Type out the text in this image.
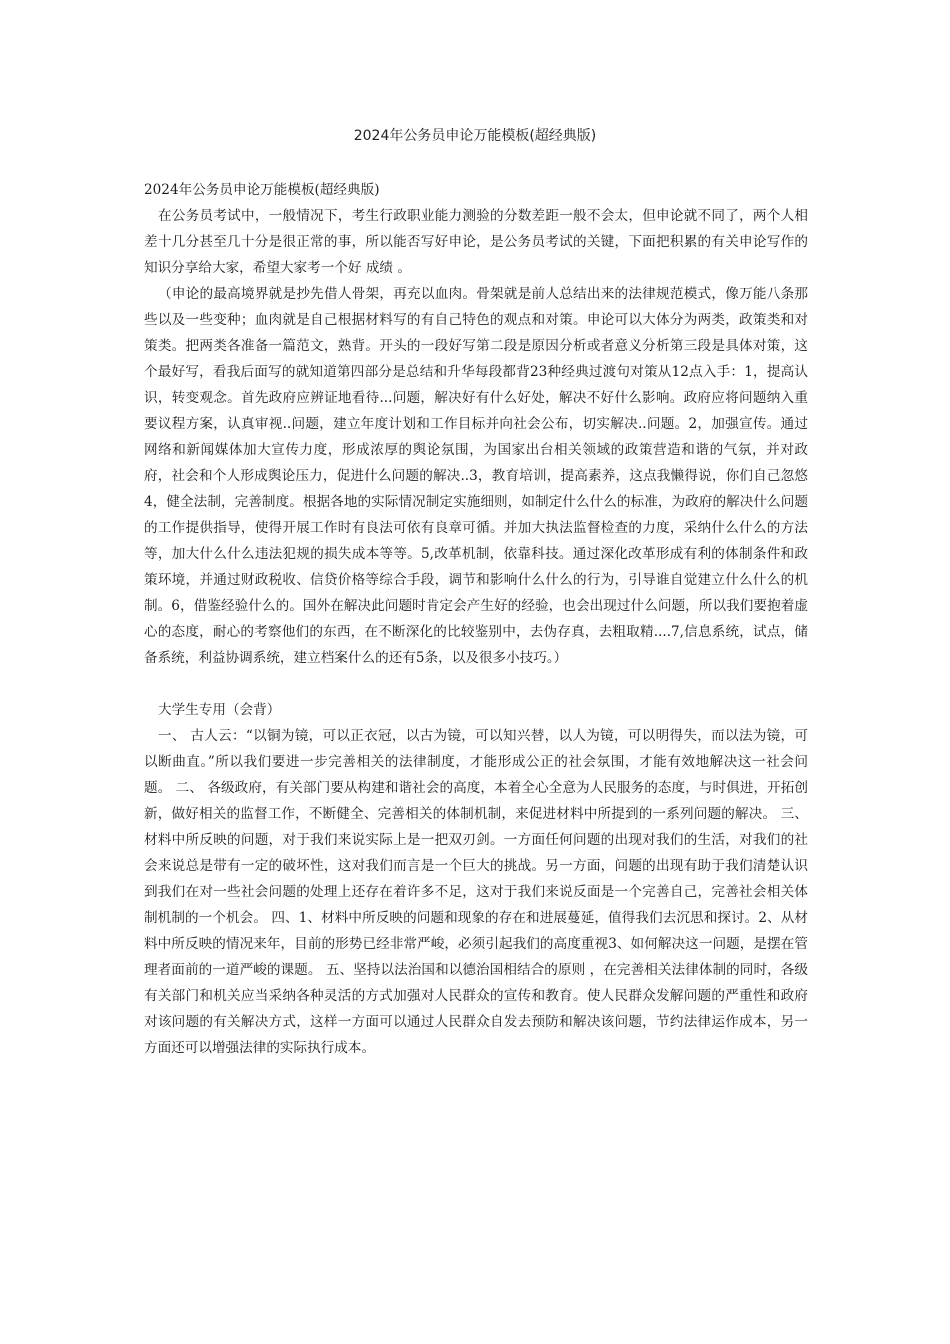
2024年公务员申论万能模板(超经典版)

2024年公务员申论万能模板(超经典版)

在公务员考试中，一般情况下，考生行政职业能力测验的分数差距一般不会太，但申论就不同了，两个人相差十几分甚至几十分是很正常的事，所以能否写好申论，是公务员考试的关键，下面把积累的有关申论写作的知识分享给大家，希望大家考一个好 成绩 。

（申论的最高境界就是抄先借人骨架，再充以血肉。骨架就是前人总结出来的法律规范模式，像万能八条那些以及一些变种；血肉就是自己根据材料写的有自己特色的观点和对策。申论可以大体分为两类，政策类和对策类。把两类各准备一篇范文，熟背。开头的一段好写第二段是原因分析或者意义分析第三段是具体对策，这个最好写，看我后面写的就知道第四部分是总结和升华每段都背23种经典过渡句对策从12点入手：1，提高认识，转变观念。首先政府应辨证地看待...问题，解决好有什么好处，解决不好什么影响。政府应将问题纳入重要议程方案，认真审视..问题，建立年度计划和工作目标并向社会公布，切实解决..问题。2，加强宣传。通过网络和新闻媒体加大宣传力度，形成浓厚的舆论氛围，为国家出台相关领域的政策营造和谐的气氛，并对政府，社会和个人形成舆论压力，促进什么问题的解决..3，教育培训，提高素养，这点我懒得说，你们自己忽悠4，健全法制，完善制度。根据各地的实际情况制定实施细则，如制定什么什么的标准，为政府的解决什么问题的工作提供指导，使得开展工作时有良法可依有良章可循。并加大执法监督检查的力度，采纳什么什么的方法等，加大什么什么违法犯规的损失成本等等。5,改革机制，依靠科技。通过深化改革形成有利的体制条件和政策环境，并通过财政税收、信贷价格等综合手段，调节和影响什么什么的行为，引导谁自觉建立什么什么的机制。6，借鉴经验什么的。国外在解决此问题时肯定会产生好的经验，也会出现过什么问题，所以我们要抱着虚心的态度，耐心的考察他们的东西，在不断深化的比较鉴别中，去伪存真，去粗取精....7,信息系统，试点，储备系统，利益协调系统，建立档案什么的还有5条，以及很多小技巧。）

大学生专用（会背）

一、 古人云：“以铜为镜，可以正衣冠，以古为镜，可以知兴替，以人为镜，可以明得失，而以法为镜，可以断曲直。”所以我们要进一步完善相关的法律制度，才能形成公正的社会氛围，才能有效地解决这一社会问题。 二、 各级政府，有关部门要从构建和谐社会的高度，本着全心全意为人民服务的态度，与时俱进，开拓创新，做好相关的监督工作，不断健全、完善相关的体制机制，来促进材料中所提到的一系列问题的解决。 三、 材料中所反映的问题，对于我们来说实际上是一把双刃剑。一方面任何问题的出现对我们的生活，对我们的社会来说总是带有一定的破坏性，这对我们而言是一个巨大的挑战。另一方面，问题的出现有助于我们清楚认识到我们在对一些社会问题的处理上还存在着许多不足，这对于我们来说反面是一个完善自己，完善社会相关体制机制的一个机会。 四、1、材料中所反映的问题和现象的存在和进展蔓延，值得我们去沉思和探讨。2、从材料中所反映的情况来年，目前的形势已经非常严峻，必须引起我们的高度重视3、如何解决这一问题，是摆在管理者面前的一道严峻的课题。 五、坚持以法治国和以德治国相结合的原则 ，在完善相关法律体制的同时，各级有关部门和机关应当采纳各种灵活的方式加强对人民群众的宣传和教育。使人民群众发解问题的严重性和政府对该问题的有关解决方式，这样一方面可以通过人民群众自发去预防和解决该问题，节约法律运作成本，另一方面还可以增强法律的实际执行成本。
